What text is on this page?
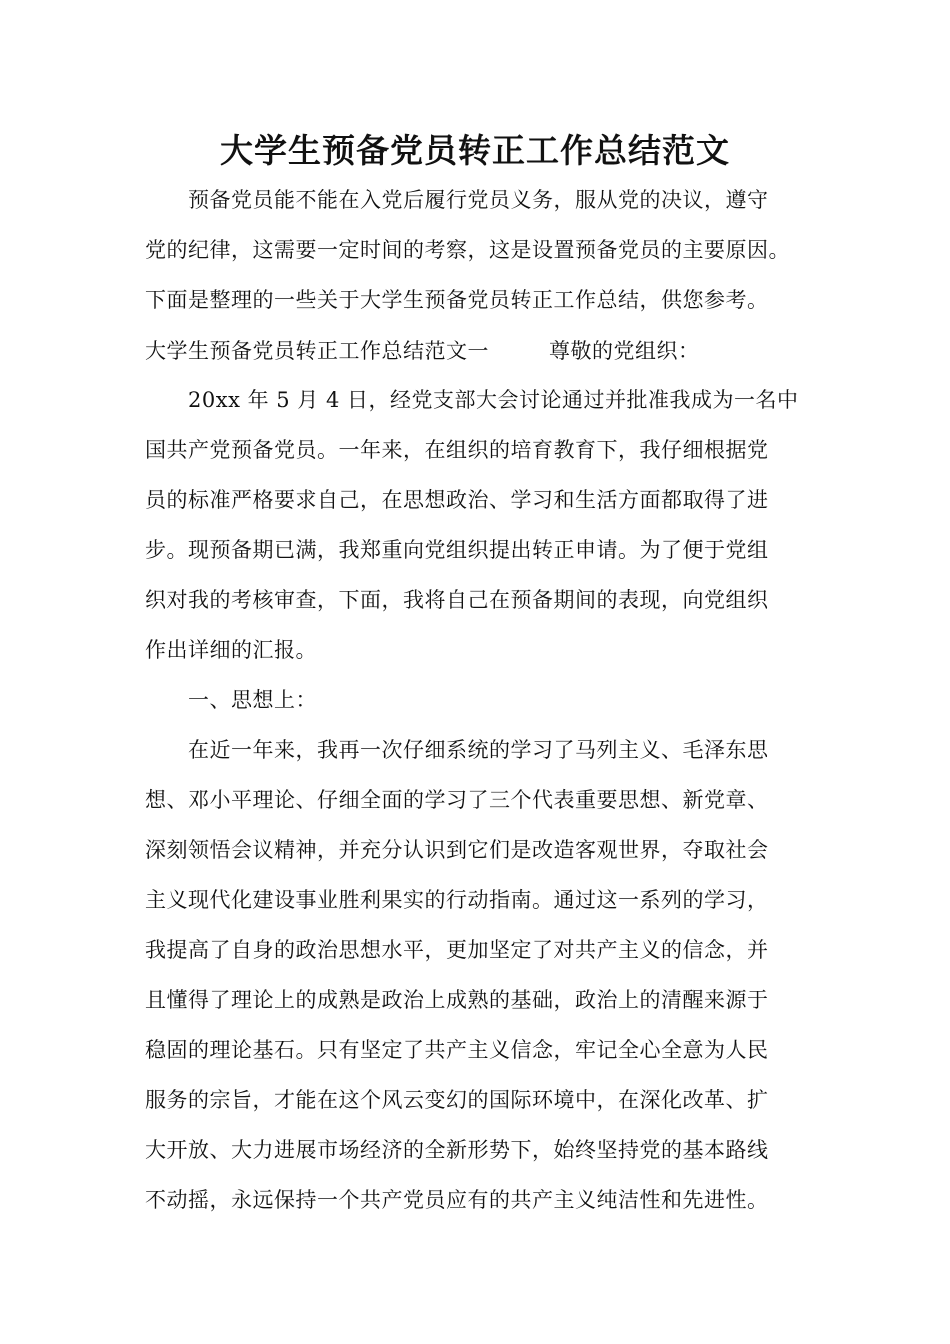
大学生预备党员转正工作总结范文
预备党员能不能在入党后履行党员义务，服从党的决议，遵守
党的纪律，这需要一定时间的考察，这是设置预备党员的主要原因。
下面是整理的一些关于大学生预备党员转正工作总结，供您参考。
大学生预备党员转正工作总结范文一	尊敬的党组织：
20xx 年 5 月 4 日，经党支部大会讨论通过并批准我成为一名中
国共产党预备党员。一年来，在组织的培育教育下，我仔细根据党
员的标准严格要求自己，在思想政治、学习和生活方面都取得了进
步。现预备期已满，我郑重向党组织提出转正申请。为了便于党组
织对我的考核审查，下面，我将自己在预备期间的表现，向党组织
作出详细的汇报。
一、思想上：
在近一年来，我再一次仔细系统的学习了马列主义、毛泽东思
想、邓小平理论、仔细全面的学习了三个代表重要思想、新党章、
深刻领悟会议精神，并充分认识到它们是改造客观世界，夺取社会
主义现代化建设事业胜利果实的行动指南。通过这一系列的学习，
我提高了自身的政治思想水平，更加坚定了对共产主义的信念，并
且懂得了理论上的成熟是政治上成熟的基础，政治上的清醒来源于
稳固的理论基石。只有坚定了共产主义信念，牢记全心全意为人民
服务的宗旨，才能在这个风云变幻的国际环境中，在深化改革、扩
大开放、大力进展市场经济的全新形势下，始终坚持党的基本路线
不动摇，永远保持一个共产党员应有的共产主义纯洁性和先进性。
